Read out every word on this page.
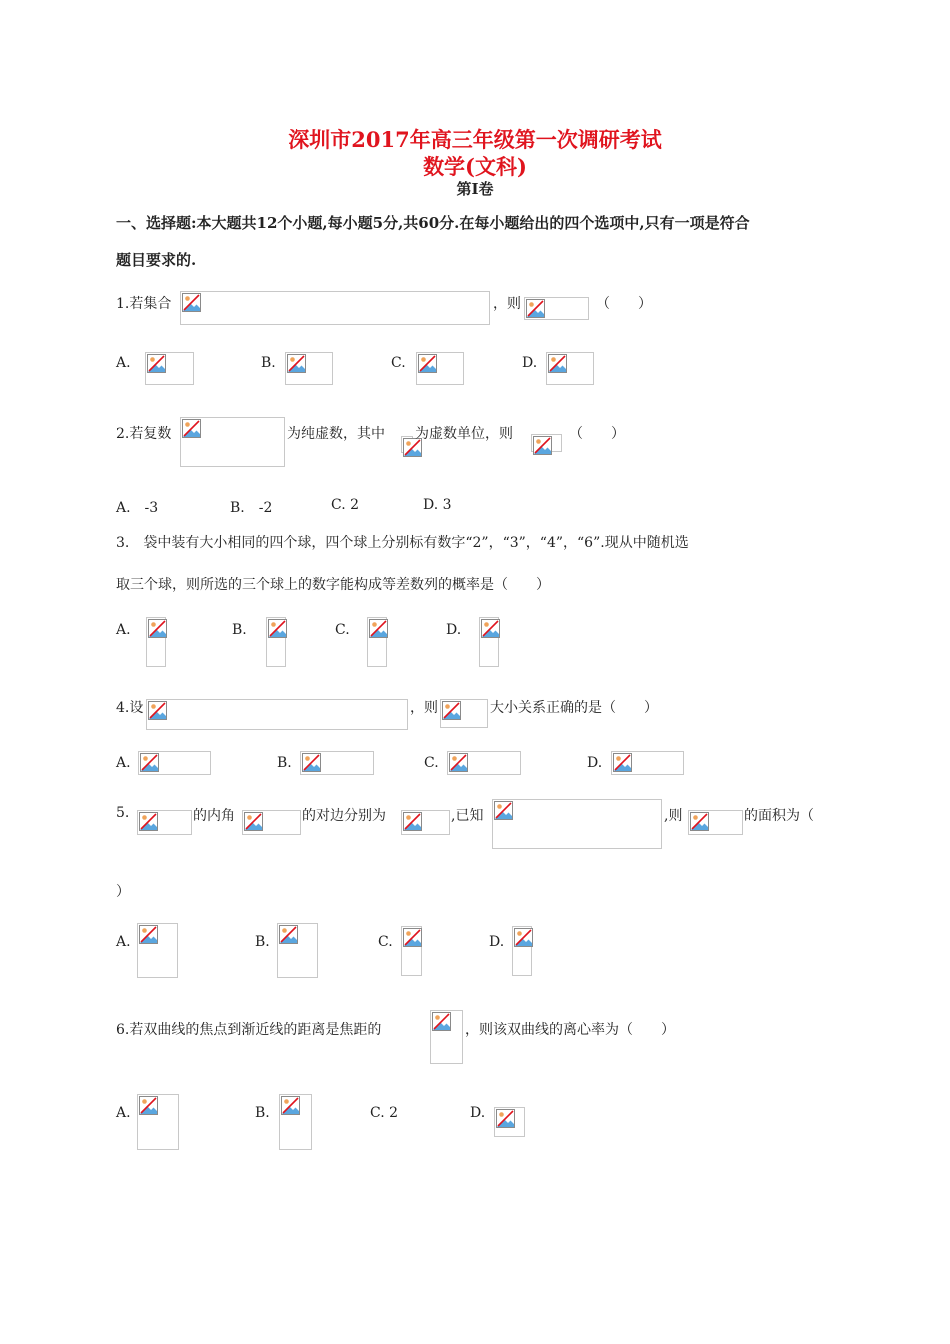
深圳市2017年高三年级第一次调研考试
数学(文科)
第I卷
一、选择题:本大题共12个小题,每小题5分,共60分.在每小题给出的四个选项中,只有一项是符合
题目要求的.
1.若集合	，则	（　　）
A.	B.	C.	D.
2.若复数	为纯虚数，其中 为虚数单位，则	（　　）
A.　-3	B.　-2	C. 2	D. 3
3.　袋中装有大小相同的四个球，四个球上分别标有数字“2”，“3”，“4”，“6”.现从中随机选
取三个球，则所选的三个球上的数字能构成等差数列的概率是（　　）
A.	B.	C.	D.
4.设	，则	大小关系正确的是（　　）
A.	B.	C.	D.
5.	的内角	的对边分别为	,已知	,则	的面积为（
）
A.	B.	C.	D.
6.若双曲线的焦点到渐近线的距离是焦距的	，则该双曲线的离心率为（　　）
A.	B.	C. 2	D.
